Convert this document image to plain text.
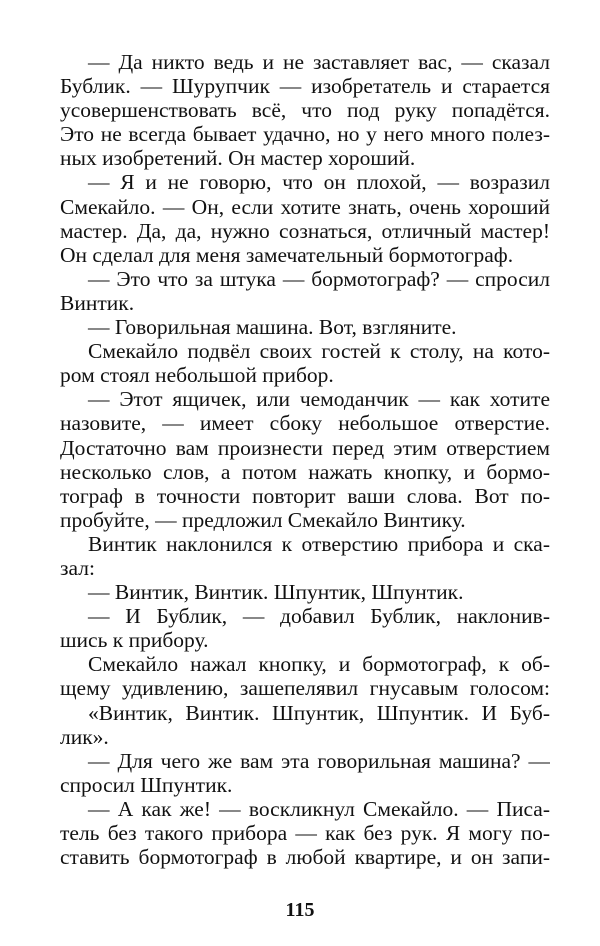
— Да никто ведь и не заставляет вас, — сказал
Бублик. — Шурупчик — изобретатель и старается
усовершенствовать всё, что под руку попадётся.
Это не всегда бывает удачно, но у него много полез-
ных изобретений. Он мастер хороший.
— Я и не говорю, что он плохой, — возразил
Смекайло. — Он, если хотите знать, очень хороший
мастер. Да, да, нужно сознаться, отличный мастер!
Он сделал для меня замечательный бормотограф.
— Это что за штука — бормотограф? — спросил
Винтик.
— Говорильная машина. Вот, взгляните.
Смекайло подвёл своих гостей к столу, на кото-
ром стоял небольшой прибор.
— Этот ящичек, или чемоданчик — как хотите
назовите, — имеет сбоку небольшое отверстие.
Достаточно вам произнести перед этим отверстием
несколько слов, а потом нажать кнопку, и бормо-
тограф в точности повторит ваши слова. Вот по-
пробуйте, — предложил Смекайло Винтику.
Винтик наклонился к отверстию прибора и ска-
зал:
— Винтик, Винтик. Шпунтик, Шпунтик.
— И Бублик, — добавил Бублик, наклонив-
шись к прибору.
Смекайло нажал кнопку, и бормотограф, к об-
щему удивлению, зашепелявил гнусавым голосом:
«Винтик, Винтик. Шпунтик, Шпунтик. И Буб-
лик».
— Для чего же вам эта говорильная машина? —
спросил Шпунтик.
— А как же! — воскликнул Смекайло. — Писа-
тель без такого прибора — как без рук. Я могу по-
ставить бормотограф в любой квартире, и он запи-
115
